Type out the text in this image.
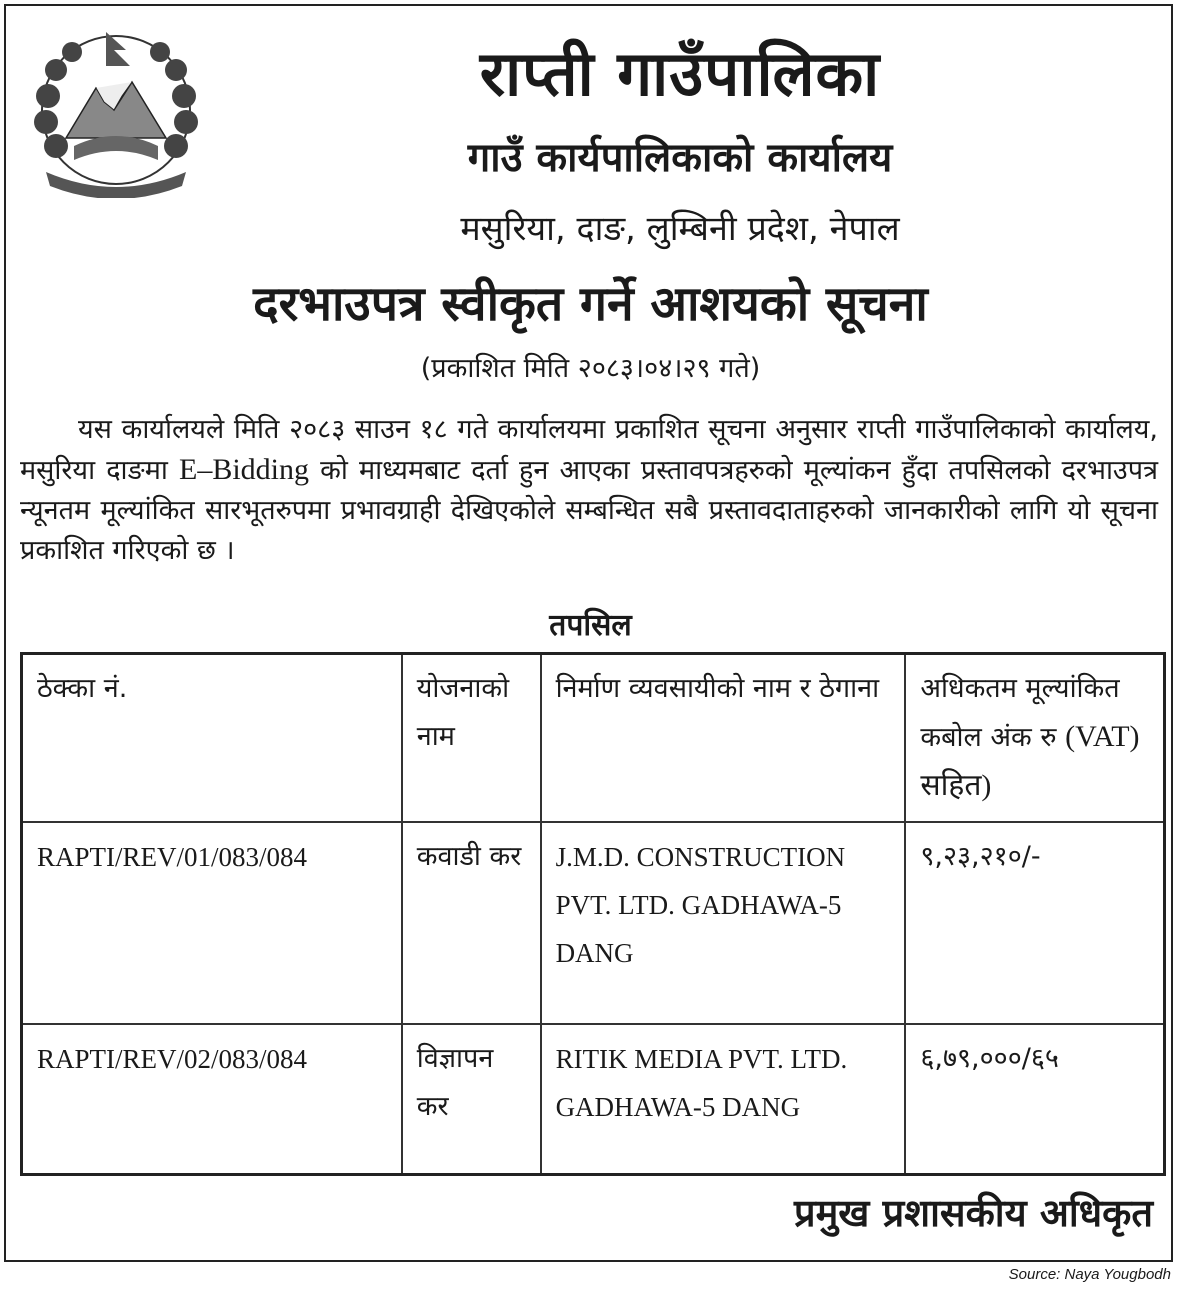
राप्ती गाउँपालिका
गाउँ कार्यपालिकाको कार्यालय
मसुरिया, दाङ, लुम्बिनी प्रदेश, नेपाल
दरभाउपत्र स्वीकृत गर्ने आशयको सूचना
(प्रकाशित मिति २०८३।०४।२९ गते)
यस कार्यालयले मिति २०८३ साउन १८ गते कार्यालयमा प्रकाशित सूचना अनुसार राप्ती गाउँपालिकाको कार्यालय, मसुरिया दाङमा E–Bidding को माध्यमबाट दर्ता हुन आएका प्रस्तावपत्रहरुको मूल्यांकन हुँदा तपसिलको दरभाउपत्र न्यूनतम मूल्यांकित सारभूतरुपमा प्रभावग्राही देखिएकोले सम्बन्धित सबै प्रस्तावदाताहरुको जानकारीको लागि यो सूचना प्रकाशित गरिएको छ ।
तपसिल
ठेक्का नं.	योजनाको नाम	निर्माण व्यवसायीको नाम र ठेगाना	अधिकतम मूल्यांकित कबोल अंक रु (VAT) सहित)
RAPTI/REV/01/083/084	कवाडी कर	J.M.D. CONSTRUCTION PVT. LTD. GADHAWA-5 DANG	९,२३,२१०/-
RAPTI/REV/02/083/084	विज्ञापन कर	RITIK MEDIA PVT. LTD. GADHAWA-5 DANG	६,७९,०००/६५
प्रमुख प्रशासकीय अधिकृत
Source: Naya Yougbodh
